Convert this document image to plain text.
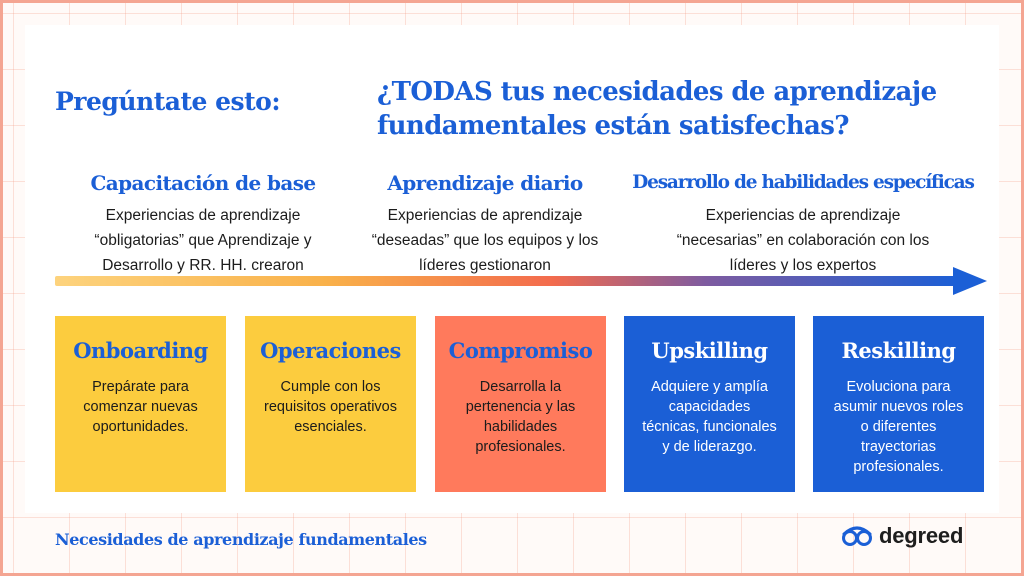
Pregúntate esto:	¿TODAS tus necesidades de aprendizaje
fundamentales están satisfechas?
Capacitación de base
Experiencias de aprendizaje
“obligatorias” que Aprendizaje y
Desarrollo y RR. HH. crearon
Aprendizaje diario
Experiencias de aprendizaje
“deseadas” que los equipos y los
líderes gestionaron
Desarrollo de habilidades específicas
Experiencias de aprendizaje
“necesarias” en colaboración con los
líderes y los expertos
Onboarding
Prepárate para comenzar nuevas oportunidades.
Operaciones
Cumple con los requisitos operativos esenciales.
Compromiso
Desarrolla la pertenencia y las habilidades profesionales.
Upskilling
Adquiere y amplía capacidades técnicas, funcionales y de liderazgo.
Reskilling
Evoluciona para asumir nuevos roles o diferentes trayectorias profesionales.
Necesidades de aprendizaje fundamentales	degreed
